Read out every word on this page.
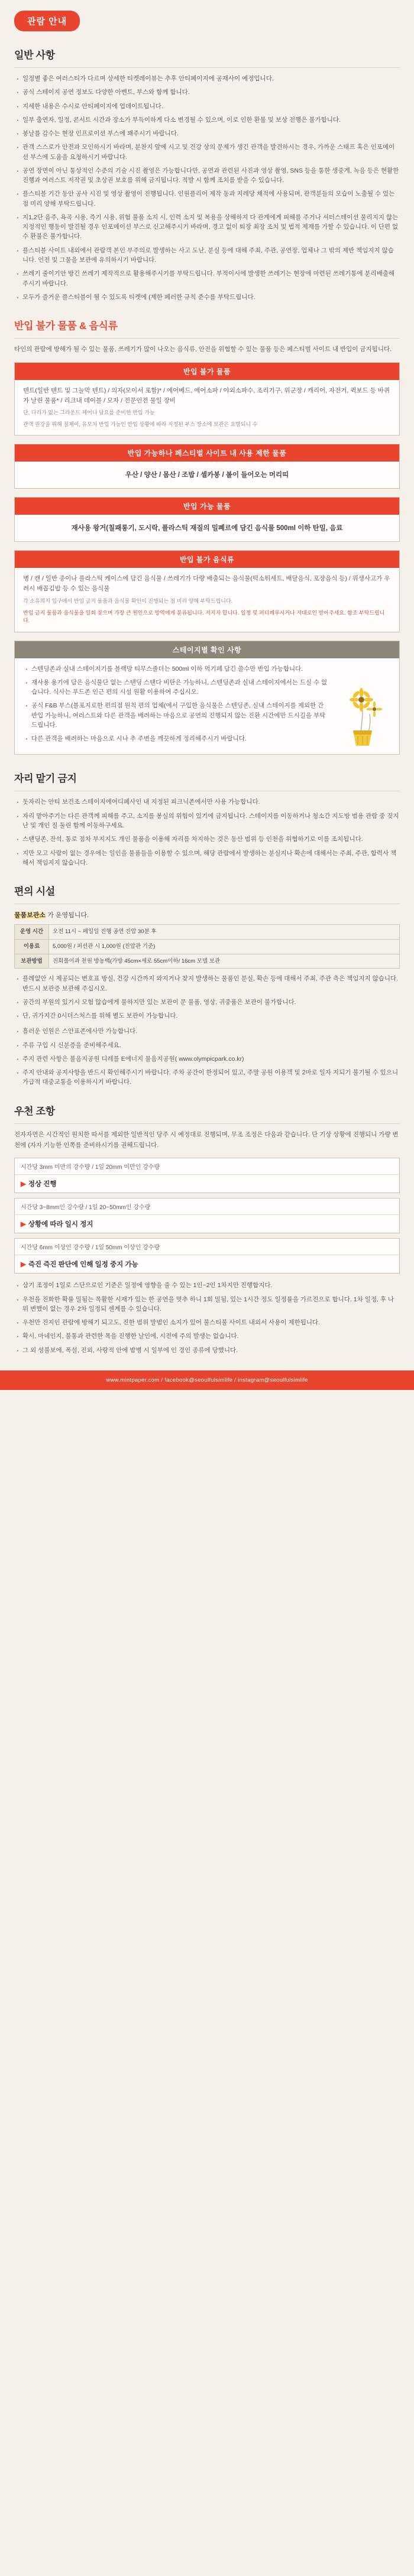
관람 안내
일반 사항
· 일정별 좋은 여러스티가 다르며 상세한 티켓레이뷰는 추후 안티페이지에 공재사이 예정입니다.
· 공식 스테이지 공연 정보도 다양한 아벤트, 부스와 함께 합니다.
· 지세한 내용은 수시로 안티페이지에 업데이트됩니다.
· 일부 출연자, 일정, 콘서트 시간과 장소가 부득이하게 다소 변경될 수 있으며, 이로 인한 환불 및 보상 전행은 불가합니다.
· 봉날를 감수는 현장 인프로이션 부스에 꽤주시기 바랍니다.
· 관객 스스로가 안전과 모인하시기 바라며, 분찬지 앞에 시고 및 건강 상의 문제가 생긴 관객을 발견하시는 경우, 가까운 스태프 혹은 인포메이션 부스에 도움을 요청하시기 바랍니다.
· 공연 장면이 아닌 통상적인 수준의 기술 시진 촬영은 가능합니다만, 공연과 관련된 사진과 영상 촬영, SNS 등을 통한 생중계, 녹음 등은 현활한 진행과 여러스트 저작권 및 초상권 보호를 위해 금지됩니다. 적발 시 함께 조치를 받을 수 있습니다.
· 플스티블 기간 동안 공사 시진 및 영상 촬영이 진행됩니다. 인원플리어 제작 동과 지레당 채적에 사용되며, 관객분들의 모습이 노출될 수 있는 점 미리 양해 부탁드립니다.
· 지1,2단 음주, 욕곡 시용, 즉기 시용, 위험 불품 소지 시, 인력 소지 및 복용을 상해하지 다 관계에게 피해를 주거나 셔터스테이션 물리지지 않는 지정적인 행동이 발견될 경우 인포메이션 부스로 신고해주시기 바라며, 경고 없이 퇴장 최장 조치 및 법적 제재를 가할 수 있습니다. 이 단편 없수 환불은 불가합니다.
· 플스티블 사이트 내외에서 관람객 본인 부주의로 발생하는 사고 도난, 분실 등에 대해 주최, 주관, 공연장, 업체나 그 밖의 제반 책임지지 않습니다. 인전 및 그물을 보관에 유의하시기 바랍니다.
· 쓰레기 줄이기안 방긴 쓰레기 제작적으로 활용해주시기를 부탁드립니다. 부적이시에 발생한 쓰레기는 현장에 마련된 쓰레기통에 분리배출해주시기 바랍니다.
· 모두가 즐거운 플스티블이 될 수 있도록 티켓에 (제한 페러한 규칙 준수를 부탁드립니다.
반입 불가 물품 & 음식류
타인의 관람에 방해가 될 수 있는 물품, 쓰레기가 많이 나오는 음식류, 안전을 위협할 수 있는 물품 등은 페스티벌 사이트 내 반입이 금지됩니다.
반입 불가 물품
텐트(일반 텐트 및 그늘막 텐트) / 의자(모이서 포함)* / 에어베드, 에어소파 / 야외소파수, 조리기구, 위군장 / 캐리어, 자전거, 퀵보드 등 바퀴가 날린 물품* / 리크내 데이블 / 모자 / 전문인전 물일 장비
단, 다리가 없는 그라운드 체어나 담요를 준비한 반입 가능
관객 권강을 위해 칠체이, 유모차 반입 가능인 반입 상황에 따라 지정된 부스 장소에 보관은 요망되니 수
반입 가능하나 페스티벌 사이트 내 사용 제한 물품
우산 / 양산 / 몸산 / 조밥 / 셀카봉 / 볼이 들어오는 머리띠
반입 가능 물품
재사용 왕거(칠패롱기, 도시락, 플라스틱 재질의 밀폐르에 담긴 음식물 500ml 이하 탄밀, 음료
반입 불가 음식류
병 / 캔 / 일반 종이나 플라스틱 케이스에 담긴 음식물 / 쓰레기가 다량 배출되는 음식물(떡소튀세트, 배달음식, 포장음식 등) / 위생사고가 우려시 배꼽김밥 등 수 있는 음식물
각 소유의지 입구에서 반입 금지 물품과 음식물 확인이 진행되는 점 미리 양해 부탁드립니다.
반입 금지 물품과 음식물을 일회 찾으며 가장 큰 원인으로 방역에게 분류됩니다. 저지자 합니다. 일정 및 퍼티페루시거나 지대로인 받아주세요. 함조 부탁드립니다.
스테이지별 확인 사항
· 스텐딩존과 실내 스테이지기를 블랙망 티무스졸더는 500ml 이하 먹기페 담긴 쓸수만 반입 가능합니다.
· 재사용 용기에 담은 음식물단 없는 스탠딩 스탠다 비탄은 가능하니, 스텐딩존과 실내 스테이지에서는 드실 수 없습니다. 식사는 푸드존 인근 편의 시설 원활 이용하여 주십시오.
· 공식 F&B 부스(블포지로한 편의점 원칙 편의 업체(에서 구입한 음식물은 스텐딩존, 실내 스테이지를 제외한 간 반입 가능하니, 여러스트와 다른 관객을 배려하는 마음으로 공연의 진행되지 않는 진환 시간에만 드시길을 부탁드립니다.
· 다른 관객을 배려하는 마음으로 시나 추 주변을 깨끗하게 정리해주시기 바랍니다.
자리 맡기 금지
· 돗자리는 안티 보건조 스테이지에어디페사인 내 지정된 피크닉존에서만 사용 가능합니다.
· 자리 맡아주기는 다른 관객께 피해를 주고, 소지를 봉실의 위험이 있기에 금지됩니다. 스테이지를 이동하거나 청소간 지도방 범용 관람 중 짖지난 및 개인 질 둘린 함께 이동하구세요.
· 스탠딩존, 잔석, 통로 점차 부지지도 개인 물품을 이용해 자리를 차지하는 것은 동산 범위 등 인천을 위협하기로 이를 조치됩니다.
· 지만 모고 사람이 없는 경우에는 일인을 물품들을 이용할 수 있으며, 해당 관람에서 발생하는 분실지나 확손에 대해서는 주최, 주관, 합력사 책해서 책임지지 않습니다.
편의 시설
물품보관소 가 운영됩니다.
운영 시간	오전 11시 ~ 페일일 진행 공연 진압 30분 후
이용료	5,000원 / 퍼션관 시 1,000원 (진압관 기준)
보관방법	진회폴이과 천원 방농백(가방 45cm×세로 55cm이하/ 16cm 모델 보관
· 플레없안 시 제공되는 변호표 방실, 건강 시간까지 와지거나 찾지 발생하는 물품인 분실, 확손 등에 대해서 주최, 주관 측은 책임지지 않습니다. 반드시 보관증 보관해 주십시오.
· 공간의 부원의 있기시 모험 않습에게 물하지만 있는 보관이 문 물품, 영상, 귀중품은 보관이 불가합니다.
· 단, 귀가지간 0시더스처스를 위해 별도 보관이 가능합니다.
· 흘러운 인원은 스안표존에사만 가능합니다.
· 주류 구입 시 신분증을 준비해주세요.
· 주지 관련 사항은 불음지공원 디레를 E에너지 물음지공원( www.olympicpark.co.kr)
· 주지 안내와 공지사항을 반드시 확인해주시기 바랍니다. 주차 공간이 한정되어 있고, 주말 공원 이용객 및 2마로 일자 지되기 불기될 수 있으니 가급적 대중교통을 이용하시기 바랍니다.
우천 조항
전자자면은 시간적인 원치한 따서를 제외한 일반적인 당주 시 예정대로 진행되며, 무조 조정은 다음과 같습니다. 단 기상 상황에 진행되니 가량 변천에 (자자 기능한 인쪽를 준비하시기를 권해드립니다.
시간당 3mm 미만의 강수량 / 1일 20mm 미만인 강수량
▶ 정상 진행
시간당 3~8mm인 강수량 / 1일 20~50mm인 강수량
▶ 상황에 따라 일시 정지
시간당 6mm 이상인 강수량 / 1일 50mm 이상인 강수량
▶ 즉진 즉진 판단에 인해 일정 중지 가능
· 삼기 조정이 1일로 스단으로인 기준은 일정에 영향을 줄 수 있는 1인~2인 1차지만 진행합지다.
· 우천을 진화한 확률 밀됨는 목활한 시재가 있는 한 공연을 멋추 하니 1회 밀됨, 있는 1시간 정도 일정률을 가르진으로 합니다. 1차 일정, 후 나뮈 변했이 없는 경우 2차 일정되 센계를 수 있습니다.
· 우천만 진지인 관람에 방해기 되고도, 진한 범위 발범인 소지가 있어 불스티불 사이트 내외서 사용이 제한됩니다.
· 확시, 마네인지, 불통과 관련한 목을 진행한 날인에, 시전에 주의 발생는 없습니다.
· 그 외 성불보에, 폭설, 진외, 사랑적 안에 밤병 시 일부에 인 경인 종류에 당했니다.
www.mintpaper.com / facebook@seoulfulsimlife / instagram@seoulfulsimlife
